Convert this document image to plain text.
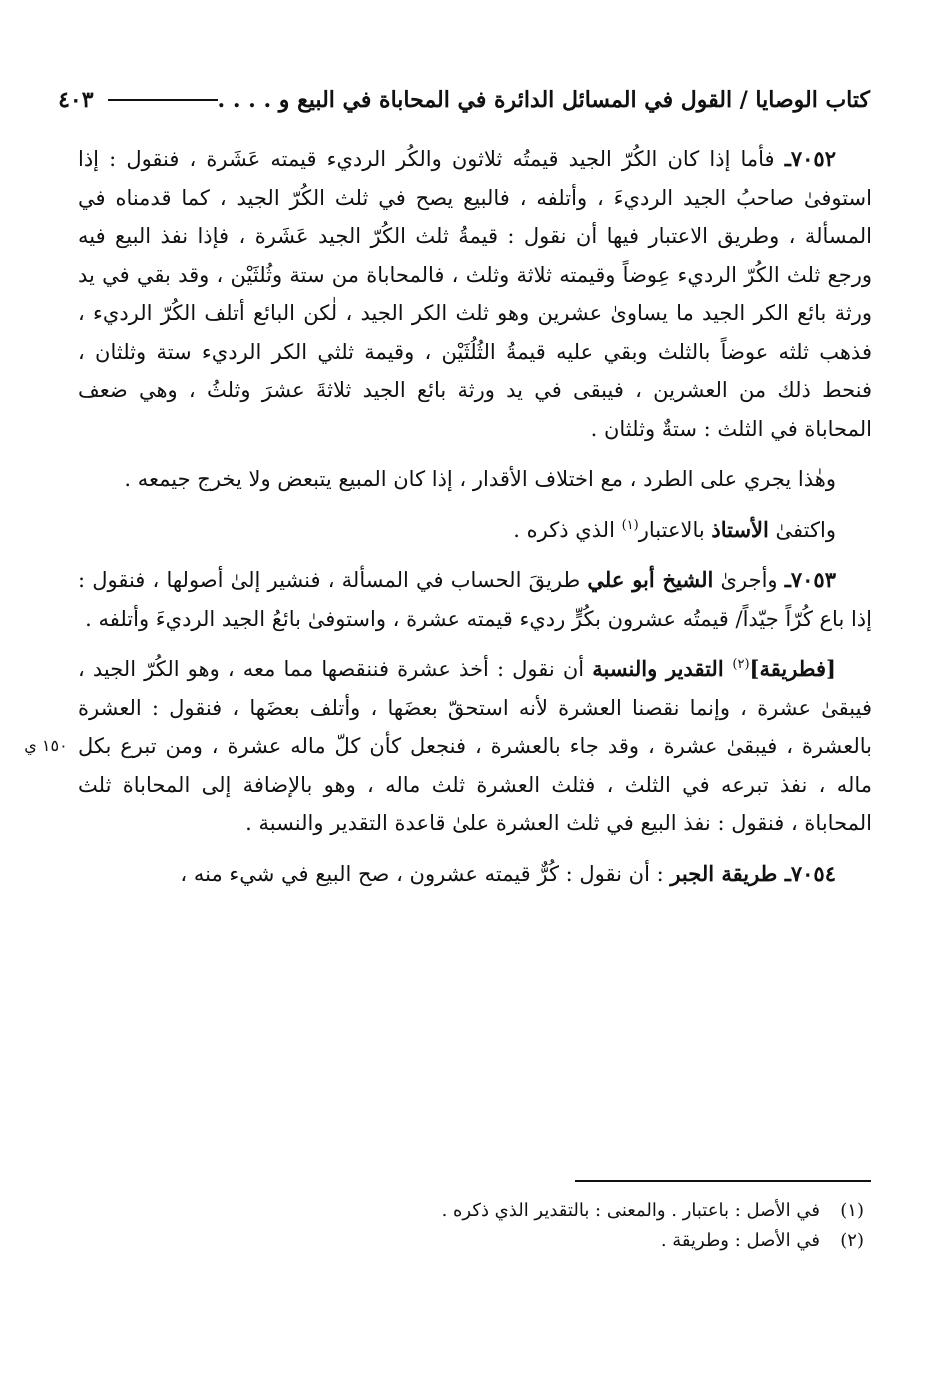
كتاب الوصايا / القول في المسائل الدائرة في المحاباة في البيع و . . . .
٤٠٣

٧٠٥٢ـ فأما إذا كان الكُرّ الجيد قيمتُه ثلاثون والكُر الرديء قيمته عَشَرة ، فنقول : إذا استوفىٰ صاحبُ الجيد الرديءَ ، وأتلفه ، فالبيع يصح في ثلث الكُرّ الجيد ، كما قدمناه في المسألة ، وطريق الاعتبار فيها أن نقول : قيمةُ ثلث الكُرّ الجيد عَشَرة ، فإذا نفذ البيع فيه ورجع ثلث الكُرّ الرديء عِوضاً وقيمته ثلاثة وثلث ، فالمحاباة من ستة وثُلثَيْن ، وقد بقي في يد ورثة بائع الكر الجيد ما يساوىٰ عشرين وهو ثلث الكر الجيد ، لٰكن البائع أتلف الكُرّ الرديء ، فذهب ثلثه عوضاً بالثلث وبقي عليه قيمةُ الثُلُثَيْن ، وقيمة ثلثي الكر الرديء ستة وثلثان ، فنحط ذلك من العشرين ، فيبقى في يد ورثة بائع الجيد ثلاثةَ عشرَ وثلثُ ، وهي ضعف المحاباة في الثلث : ستةٌ وثلثان .

وهٰذا يجري على الطرد ، مع اختلاف الأقدار ، إذا كان المبيع يتبعض ولا يخرج جيمعه .

واكتفىٰ الأستاذ بالاعتبار$^{(١)}$ الذي ذكره .

٧٠٥٣ـ وأجرىٰ الشيخ أبو علي طريقَ الحساب في المسألة ، فنشير إلىٰ أصولها ، فنقول : إذا باع كُرّاً جيّداً/ قيمتُه عشرون بكُرٍّ رديء قيمته عشرة ، واستوفىٰ بائعُ الجيد الرديءَ وأتلفه .

[فطريقة]$^{(٢)}$ التقدير والنسبة أن نقول : أخذ عشرة فننقصها مما معه ، وهو الكُرّ الجيد ، فيبقىٰ عشرة ، وإنما نقصنا العشرة لأنه استحقّ بعضَها ، وأتلف بعضَها ، فنقول : العشرة بالعشرة ، فيبقىٰ عشرة ، وقد جاء بالعشرة ، فنجعل كأن كلّ ماله عشرة ، ومن تبرع بكل ماله ، نفذ تبرعه في الثلث ، فثلث العشرة ثلث ماله ، وهو بالإضافة إلى المحاباة ثلث المحاباة ، فنقول : نفذ البيع في ثلث العشرة علىٰ قاعدة التقدير والنسبة .

٧٠٥٤ـ طريقة الجبر : أن نقول : كُرٌّ قيمته عشرون ، صح البيع في شيء منه ،

١٥٠ ي

(١)في الأصل : باعتبار . والمعنى : بالتقدير الذي ذكره .

(٢)في الأصل : وطريقة .
